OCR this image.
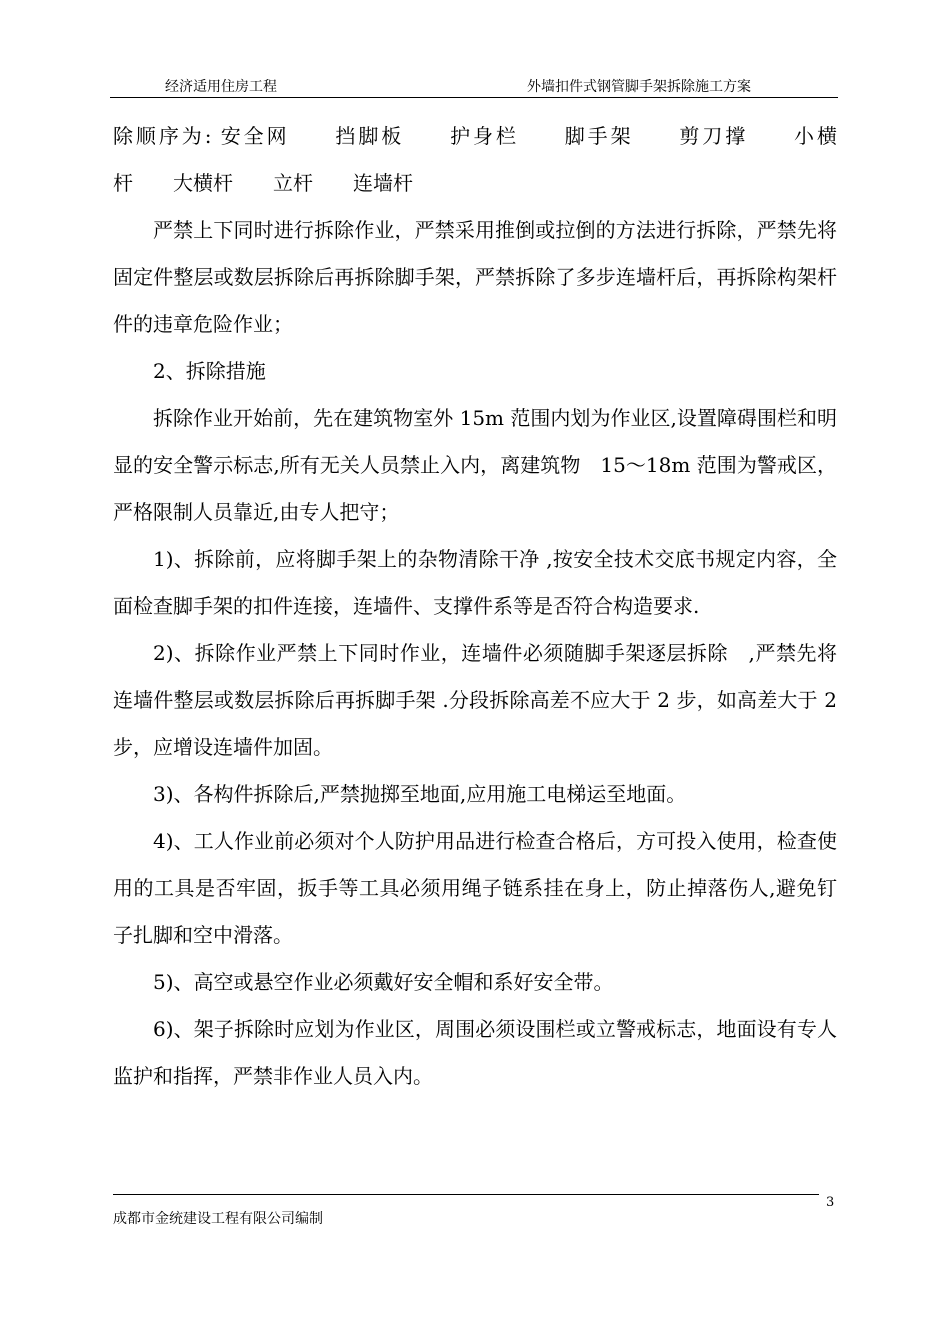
经济适用住房工程	外墙扣件式钢管脚手架拆除施工方案

除顺序为: 安全网　　挡脚板　　护身栏　　脚手架　　剪刀撑　　小横

杆　　大横杆　　立杆　　连墙杆

严禁上下同时进行拆除作业，严禁采用推倒或拉倒的方法进行拆除，严禁先将固定件整层或数层拆除后再拆除脚手架，严禁拆除了多步连墙杆后，再拆除构架杆件的违章危险作业；

2、拆除措施

拆除作业开始前，先在建筑物室外 15m 范围内划为作业区,设置障碍围栏和明显的安全警示标志,所有无关人员禁止入内，离建筑物　15～18m 范围为警戒区，严格限制人员靠近,由专人把守；

1)、拆除前，应将脚手架上的杂物清除干净 ,按安全技术交底书规定内容，全面检查脚手架的扣件连接，连墙件、支撑件系等是否符合构造要求.

2)、拆除作业严禁上下同时作业，连墙件必须随脚手架逐层拆除　,严禁先将连墙件整层或数层拆除后再拆脚手架 .分段拆除高差不应大于 2 步，如高差大于 2 步，应增设连墙件加固。

3)、各构件拆除后,严禁抛掷至地面,应用施工电梯运至地面。

4)、工人作业前必须对个人防护用品进行检查合格后，方可投入使用，检查使用的工具是否牢固，扳手等工具必须用绳子链系挂在身上，防止掉落伤人,避免钉子扎脚和空中滑落。

5)、高空或悬空作业必须戴好安全帽和系好安全带。

6)、架子拆除时应划为作业区，周围必须设围栏或立警戒标志，地面设有专人监护和指挥，严禁非作业人员入内。

3
成都市金统建设工程有限公司编制
